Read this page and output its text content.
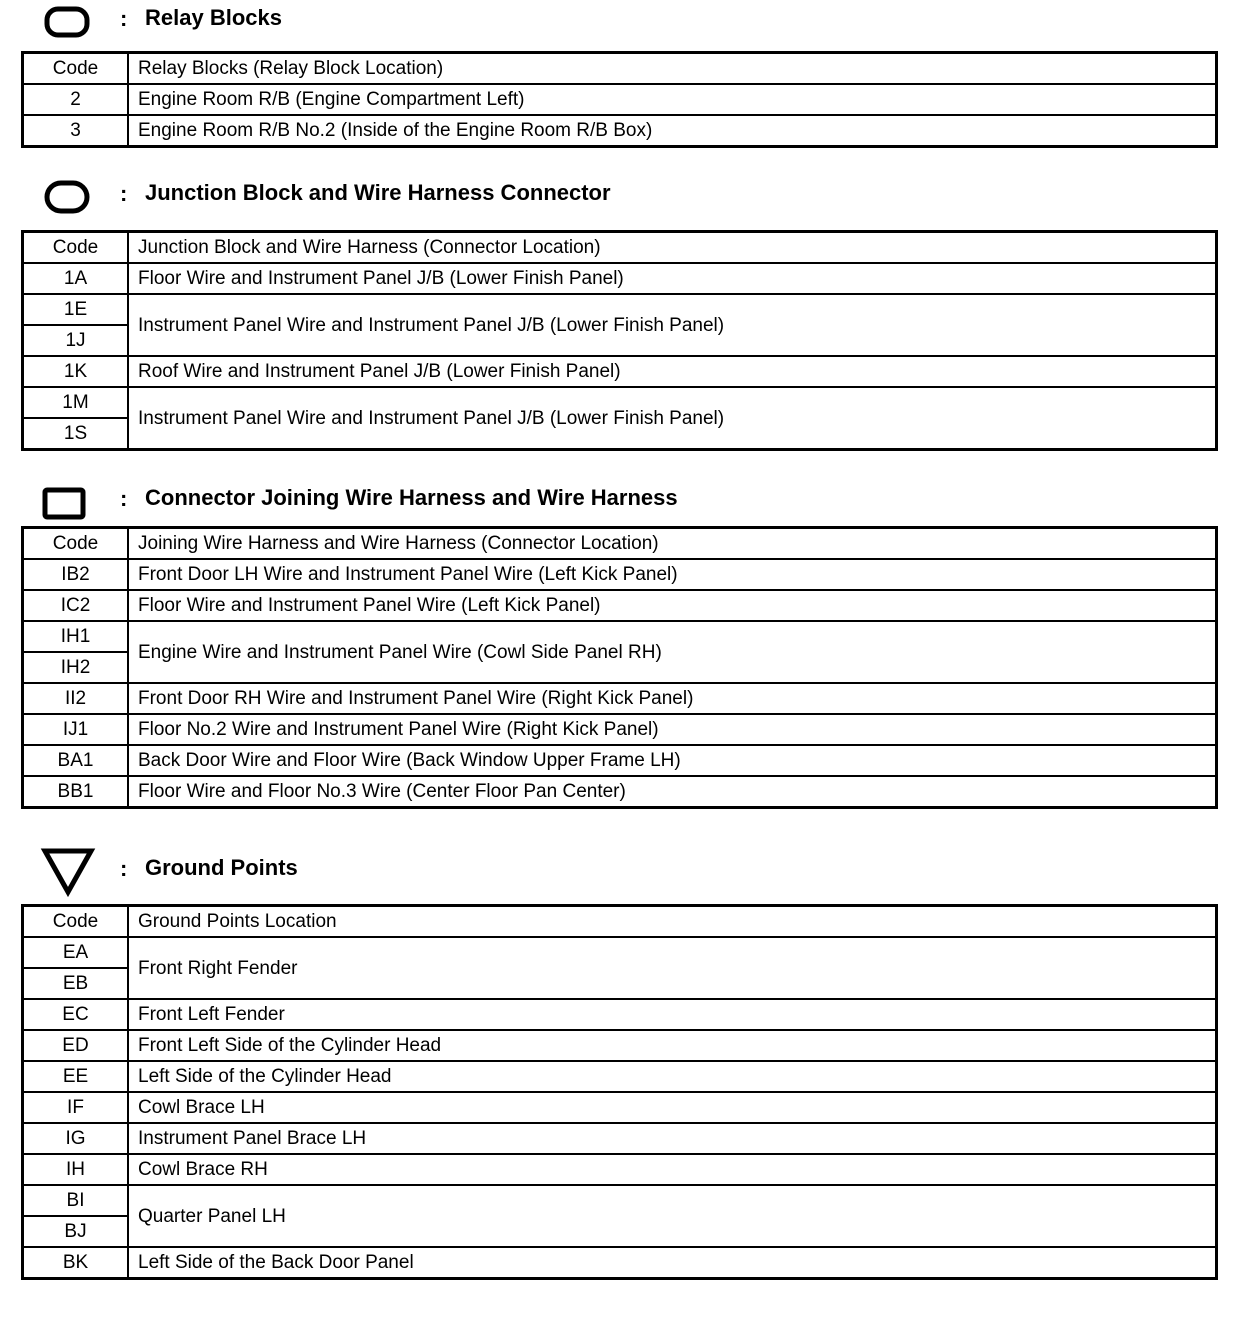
: Relay Blocks
Code	Relay Blocks (Relay Block Location)
2	Engine Room R/B (Engine Compartment Left)
3	Engine Room R/B No.2 (Inside of the Engine Room R/B Box)
: Junction Block and Wire Harness Connector
Code	Junction Block and Wire Harness (Connector Location)
1A	Floor Wire and Instrument Panel J/B (Lower Finish Panel)
1E	Instrument Panel Wire and Instrument Panel J/B (Lower Finish Panel)
1J	
1K	Roof Wire and Instrument Panel J/B (Lower Finish Panel)
1M	Instrument Panel Wire and Instrument Panel J/B (Lower Finish Panel)
1S	
: Connector Joining Wire Harness and Wire Harness
Code	Joining Wire Harness and Wire Harness (Connector Location)
IB2	Front Door LH Wire and Instrument Panel Wire (Left Kick Panel)
IC2	Floor Wire and Instrument Panel Wire (Left Kick Panel)
IH1	Engine Wire and Instrument Panel Wire (Cowl Side Panel RH)
IH2	
II2	Front Door RH Wire and Instrument Panel Wire (Right Kick Panel)
IJ1	Floor No.2 Wire and Instrument Panel Wire (Right Kick Panel)
BA1	Back Door Wire and Floor Wire (Back Window Upper Frame LH)
BB1	Floor Wire and Floor No.3 Wire (Center Floor Pan Center)
: Ground Points
Code	Ground Points Location
EA	Front Right Fender
EB	
EC	Front Left Fender
ED	Front Left Side of the Cylinder Head
EE	Left Side of the Cylinder Head
IF	Cowl Brace LH
IG	Instrument Panel Brace LH
IH	Cowl Brace RH
BI	Quarter Panel LH
BJ	
BK	Left Side of the Back Door Panel
